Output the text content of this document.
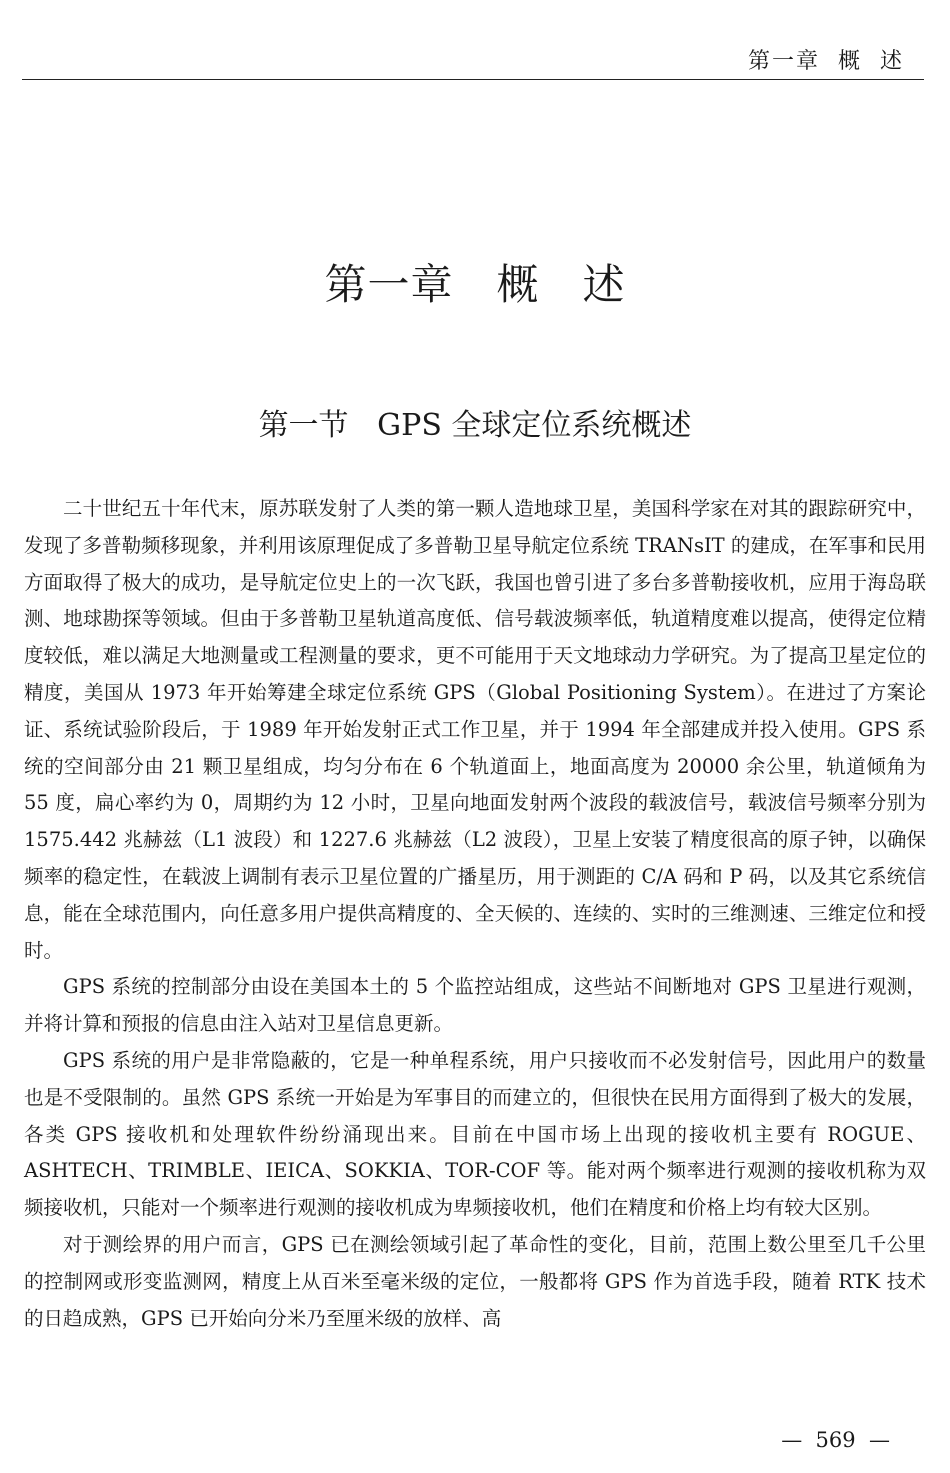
第一章  概  述
第一章   概   述
第一节   GPS 全球定位系统概述

二十世纪五十年代末，原苏联发射了人类的第一颗人造地球卫星，美国科学家在对其的跟踪研究中，发现了多普勒频移现象，并利用该原理促成了多普勒卫星导航定位系统 TRANsIT 的建成，在军事和民用方面取得了极大的成功，是导航定位史上的一次飞跃，我国也曾引进了多台多普勒接收机，应用于海岛联测、地球勘探等领域。但由于多普勒卫星轨道高度低、信号载波频率低，轨道精度难以提高，使得定位精度较低，难以满足大地测量或工程测量的要求，更不可能用于天文地球动力学研究。为了提高卫星定位的精度，美国从 1973 年开始筹建全球定位系统 GPS（Global Positioning System）。在进过了方案论证、系统试验阶段后，于 1989 年开始发射正式工作卫星，并于 1994 年全部建成并投入使用。GPS 系统的空间部分由 21 颗卫星组成，均匀分布在 6 个轨道面上，地面高度为 20000 余公里，轨道倾角为 55 度，扁心率约为 0，周期约为 12 小时，卫星向地面发射两个波段的载波信号，载波信号频率分别为 1575.442 兆赫兹（L1 波段）和 1227.6 兆赫兹（L2 波段），卫星上安装了精度很高的原子钟，以确保频率的稳定性，在载波上调制有表示卫星位置的广播星历，用于测距的 C/A 码和 P 码，以及其它系统信息，能在全球范围内，向任意多用户提供高精度的、全天候的、连续的、实时的三维测速、三维定位和授时。

GPS 系统的控制部分由设在美国本土的 5 个监控站组成，这些站不间断地对 GPS 卫星进行观测，并将计算和预报的信息由注入站对卫星信息更新。

GPS 系统的用户是非常隐蔽的，它是一种单程系统，用户只接收而不必发射信号，因此用户的数量也是不受限制的。虽然 GPS 系统一开始是为军事目的而建立的，但很快在民用方面得到了极大的发展，各类 GPS 接收机和处理软件纷纷涌现出来。目前在中国市场上出现的接收机主要有 ROGUE、ASHTECH、TRIMBLE、IEICA、SOKKIA、TOR-COF 等。能对两个频率进行观测的接收机称为双频接收机，只能对一个频率进行观测的接收机成为卑频接收机，他们在精度和价格上均有较大区别。

对于测绘界的用户而言，GPS 已在测绘领域引起了革命性的变化，目前，范围上数公里至几千公里的控制网或形变监测网，精度上从百米至毫米级的定位，一般都将 GPS 作为首选手段，随着 RTK 技术的日趋成熟，GPS 已开始向分米乃至厘米级的放样、高

—  569  —
